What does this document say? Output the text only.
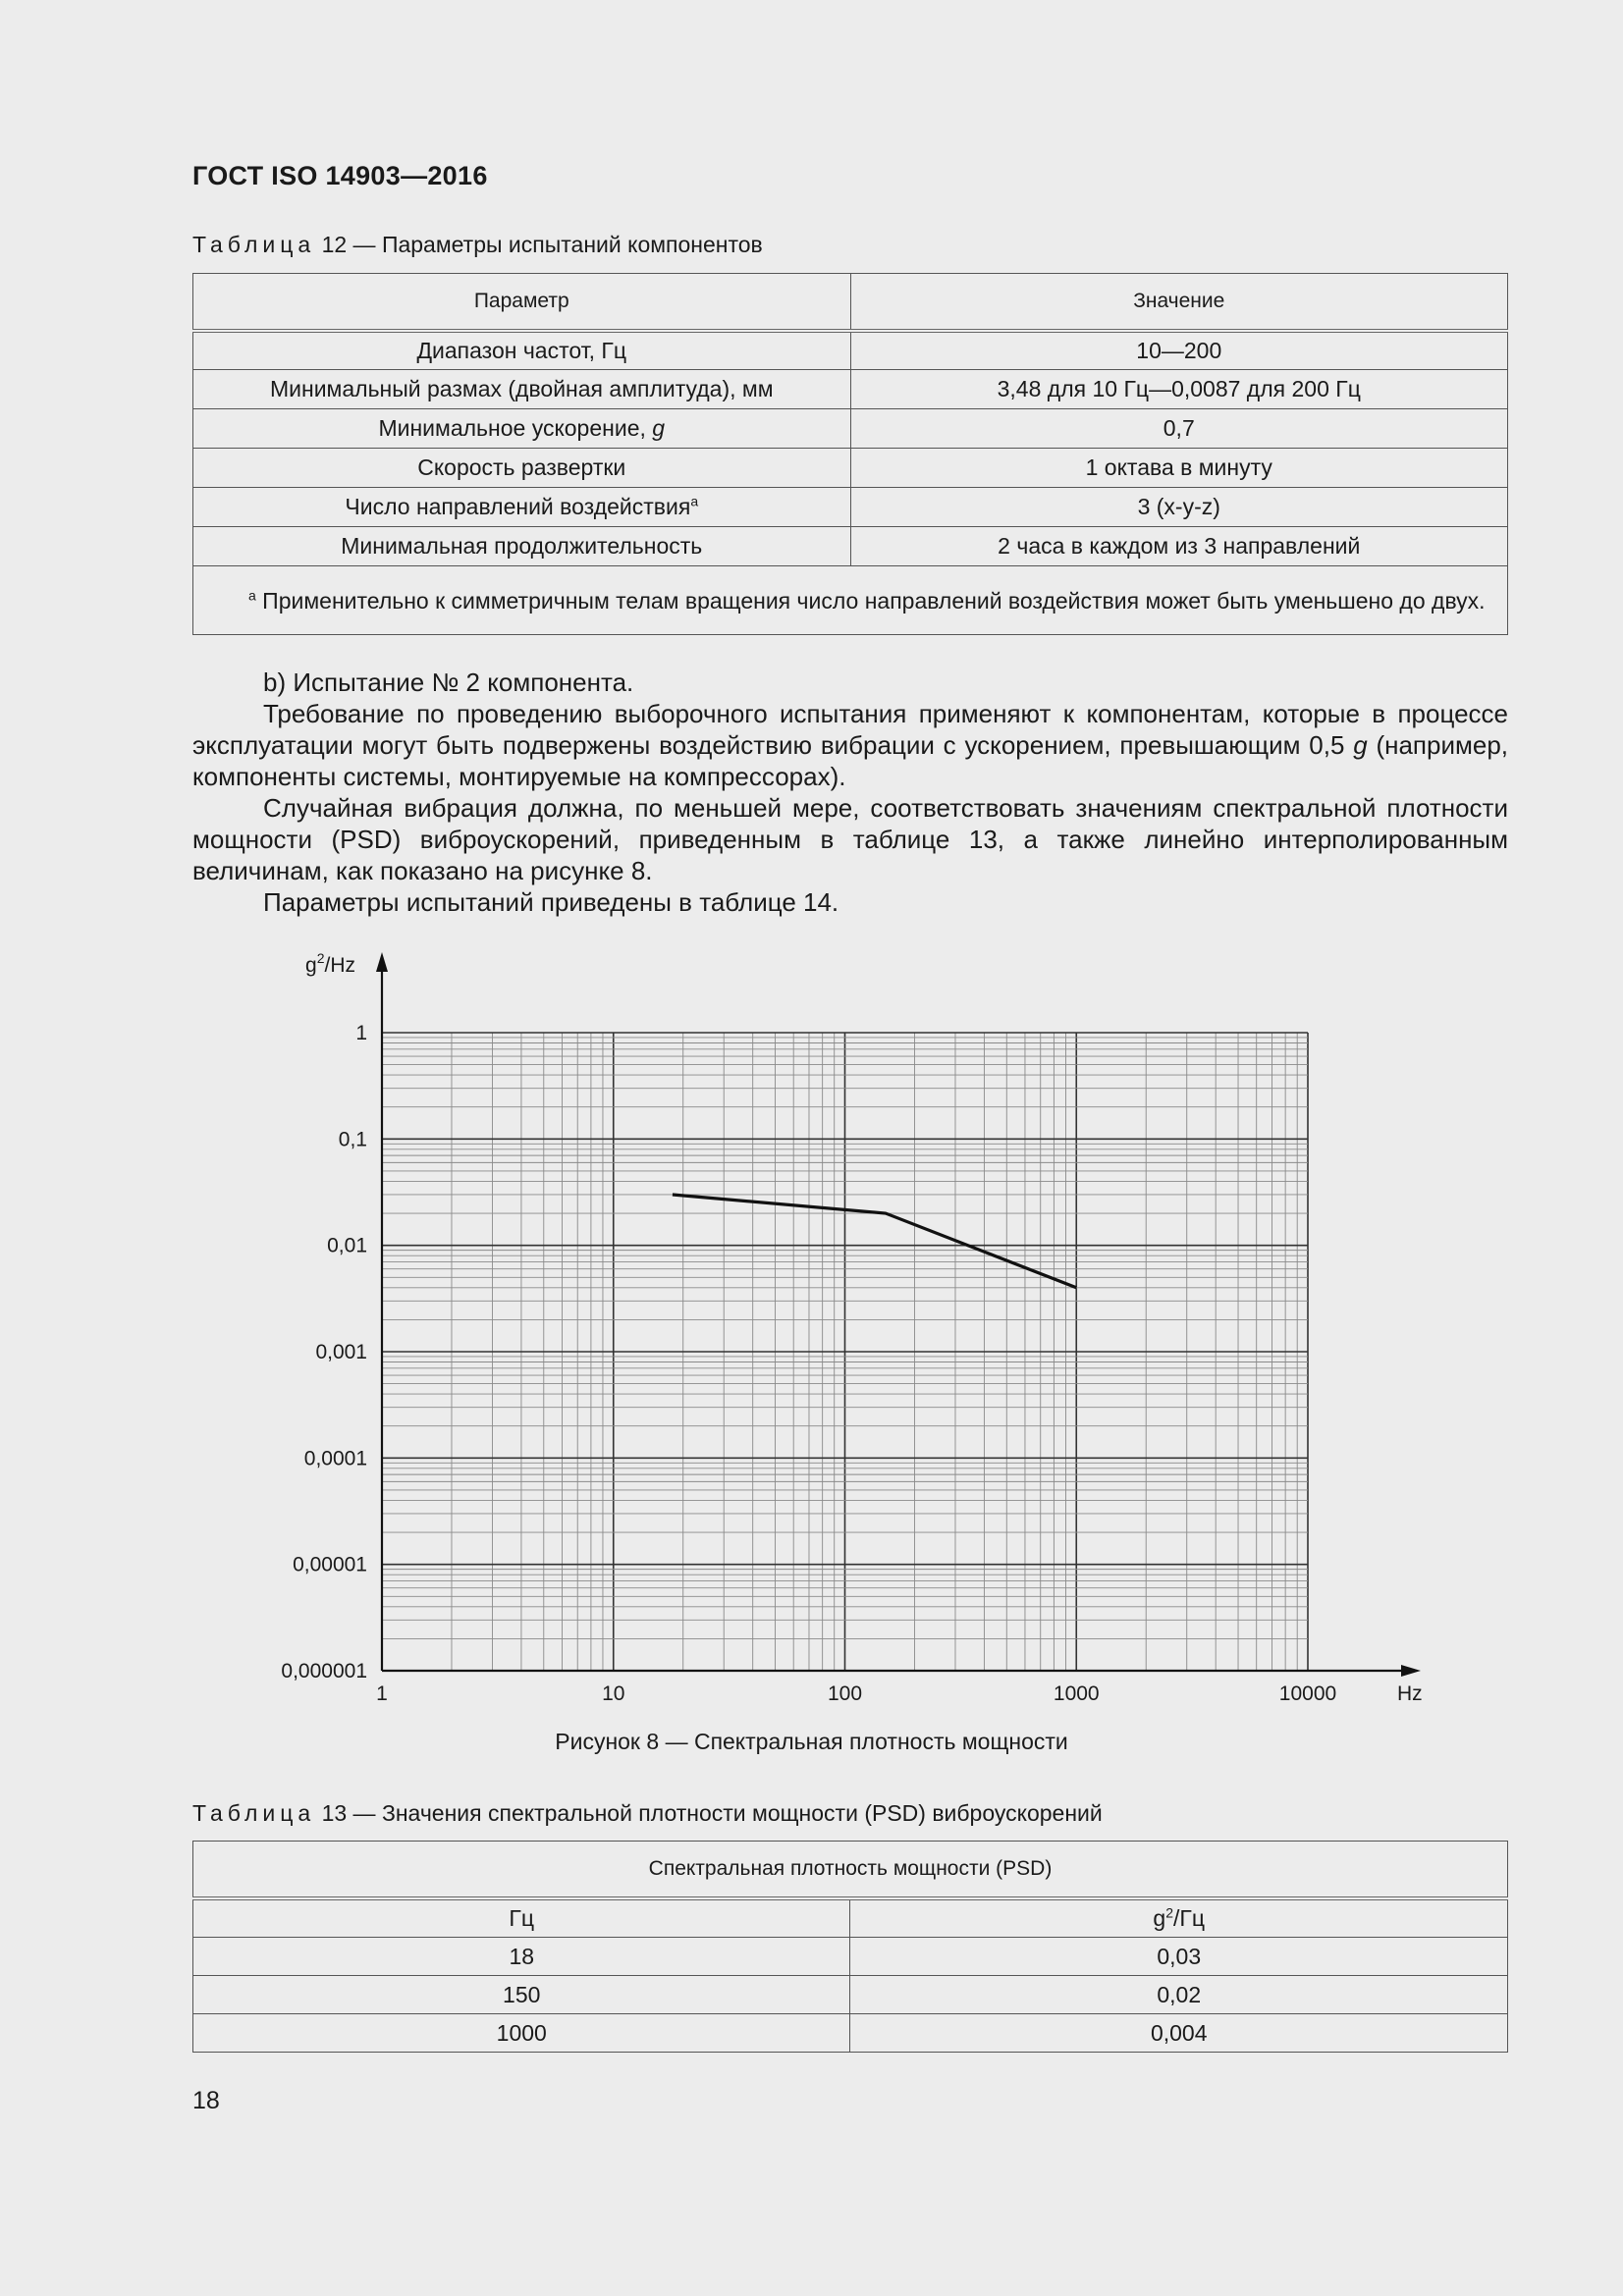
ГОСТ ISO 14903—2016
Таблица 12 — Параметры испытаний компонентов
Параметр	Значение
Диапазон частот, Гц	10—200
Минимальный размах (двойная амплитуда), мм	3,48 для 10 Гц—0,0087 для 200 Гц
Минимальное ускорение, g	0,7
Скорость развертки	1 октава в минуту
Число направлений воздействия$^а$	3 (x-y-z)
Минимальная продолжительность	2 часа в каждом из 3 направлений
$^а$ Применительно к симметричным телам вращения число направлений воздействия может быть уменьшено до двух.	
b) Испытание № 2 компонента.
Требование по проведению выборочного испытания применяют к компонентам, которые в процессе эксплуатации могут быть подвержены воздействию вибрации с ускорением, превышающим 0,5 g (например, компоненты системы, монтируемые на компрессорах).
Случайная вибрация должна, по меньшей мере, соответствовать значениям спектральной плотности мощности (PSD) виброускорений, приведенным в таблице 13, а также линейно интерполированным величинам, как показано на рисунке 8.
Параметры испытаний приведены в таблице 14.
1
0,1
0,01
0,001
0,0001
0,00001
0,000001
1	10	100	1000	10000
$g^2/Hz$
Hz
Рисунок 8 — Спектральная плотность мощности
Таблица 13 — Значения спектральной плотности мощности (PSD) виброускорений
Спектральная плотность мощности (PSD)	
Гц	$g^2/Гц$
18	0,03
150	0,02
1000	0,004
18
